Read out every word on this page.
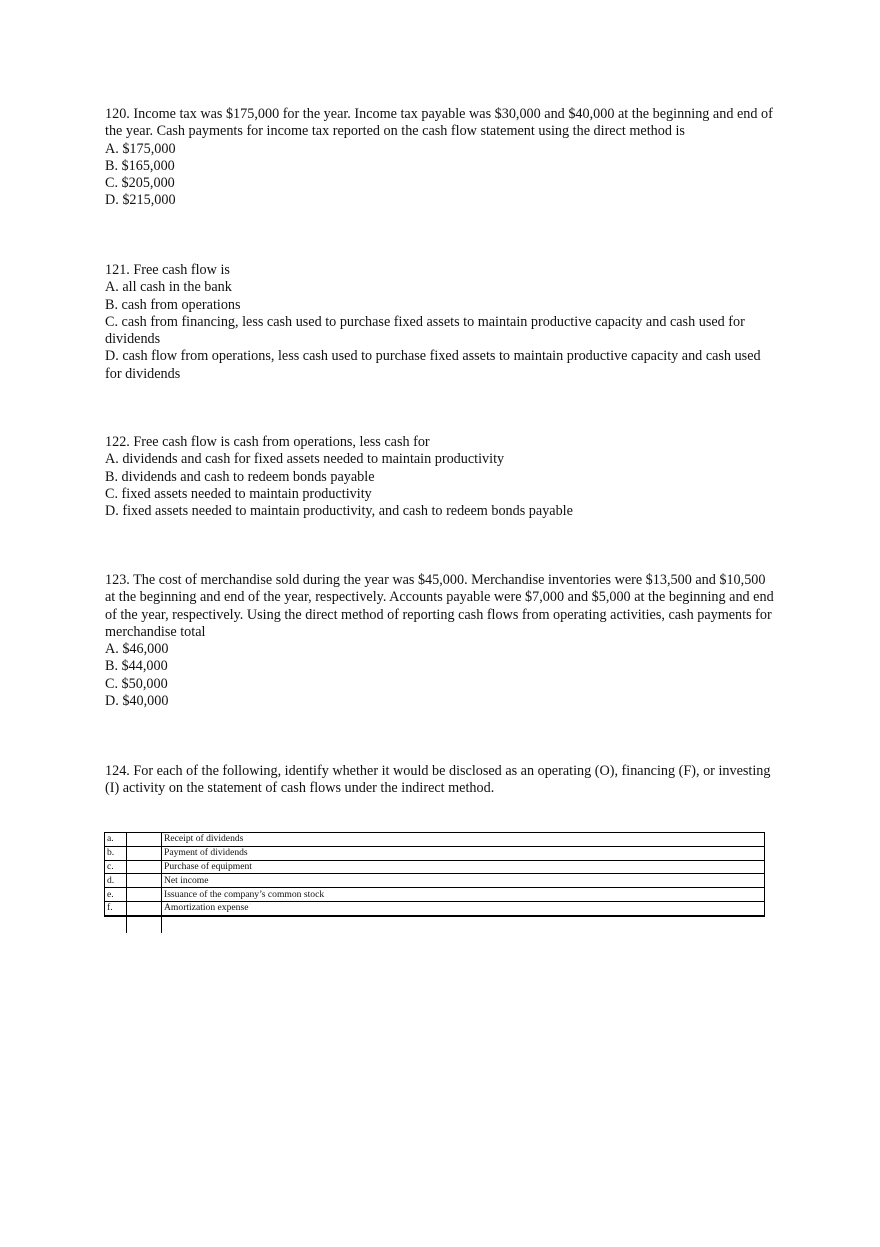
120. Income tax was $175,000 for the year. Income tax payable was $30,000 and $40,000 at the beginning and end of the year. Cash payments for income tax reported on the cash flow statement using the direct method is

A. $175,000

B. $165,000

C. $205,000

D. $215,000

121. Free cash flow is

A. all cash in the bank

B. cash from operations

C. cash from financing, less cash used to purchase fixed assets to maintain productive capacity and cash used for dividends

D. cash flow from operations, less cash used to purchase fixed assets to maintain productive capacity and cash used for dividends

122. Free cash flow is cash from operations, less cash for

A. dividends and cash for fixed assets needed to maintain productivity

B. dividends and cash to redeem bonds payable

C. fixed assets needed to maintain productivity

D. fixed assets needed to maintain productivity, and cash to redeem bonds payable

123. The cost of merchandise sold during the year was $45,000. Merchandise inventories were $13,500 and $10,500 at the beginning and end of the year, respectively. Accounts payable were $7,000 and $5,000 at the beginning and end of the year, respectively. Using the direct method of reporting cash flows from operating activities, cash payments for merchandise total

A. $46,000

B. $44,000

C. $50,000

D. $40,000

124. For each of the following, identify whether it would be disclosed as an operating (O), financing (F), or investing (I) activity on the statement of cash flows under the indirect method.

a.		Receipt of dividends
b.		Payment of dividends
c.		Purchase of equipment
d.		Net income
e.		Issuance of the company’s common stock
f.		Amortization expense
